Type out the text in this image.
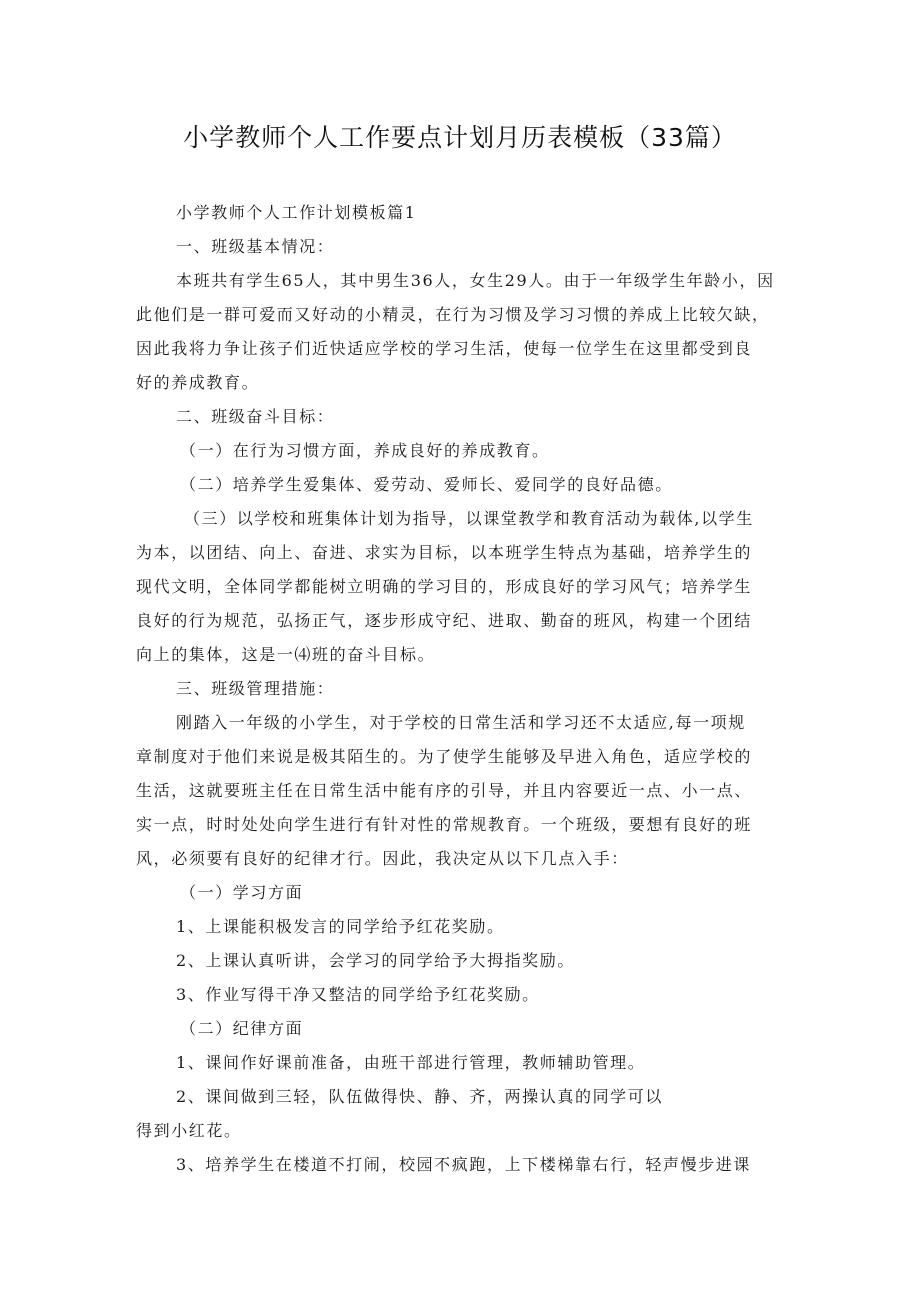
小学教师个人工作要点计划月历表模板（33篇）

小学教师个人工作计划模板篇1

一、班级基本情况：

本班共有学生65人，其中男生36人，女生29人。由于一年级学生年龄小，因

此他们是一群可爱而又好动的小精灵，在行为习惯及学习习惯的养成上比较欠缺，

因此我将力争让孩子们近快适应学校的学习生活，使每一位学生在这里都受到良

好的养成教育。

二、班级奋斗目标：

（一）在行为习惯方面，养成良好的养成教育。

（二）培养学生爱集体、爱劳动、爱师长、爱同学的良好品德。

（三）以学校和班集体计划为指导，以课堂教学和教育活动为载体,以学生

为本，以团结、向上、奋进、求实为目标，以本班学生特点为基础，培养学生的

现代文明，全体同学都能树立明确的学习目的，形成良好的学习风气；培养学生

良好的行为规范，弘扬正气，逐步形成守纪、进取、勤奋的班风，构建一个团结

向上的集体，这是一⑷班的奋斗目标。

三、班级管理措施：

刚踏入一年级的小学生，对于学校的日常生活和学习还不太适应,每一项规

章制度对于他们来说是极其陌生的。为了使学生能够及早进入角色，适应学校的

生活，这就要班主任在日常生活中能有序的引导，并且内容要近一点、小一点、

实一点，时时处处向学生进行有针对性的常规教育。一个班级，要想有良好的班

风，必须要有良好的纪律才行。因此，我决定从以下几点入手：

（一）学习方面

1、上课能积极发言的同学给予红花奖励。

2、上课认真听讲，会学习的同学给予大拇指奖励。

3、作业写得干净又整洁的同学给予红花奖励。

（二）纪律方面

1、课间作好课前准备，由班干部进行管理，教师辅助管理。

2、课间做到三轻，队伍做得快、静、齐，两操认真的同学可以

得到小红花。

3、培养学生在楼道不打闹，校园不疯跑，上下楼梯靠右行，轻声慢步进课
